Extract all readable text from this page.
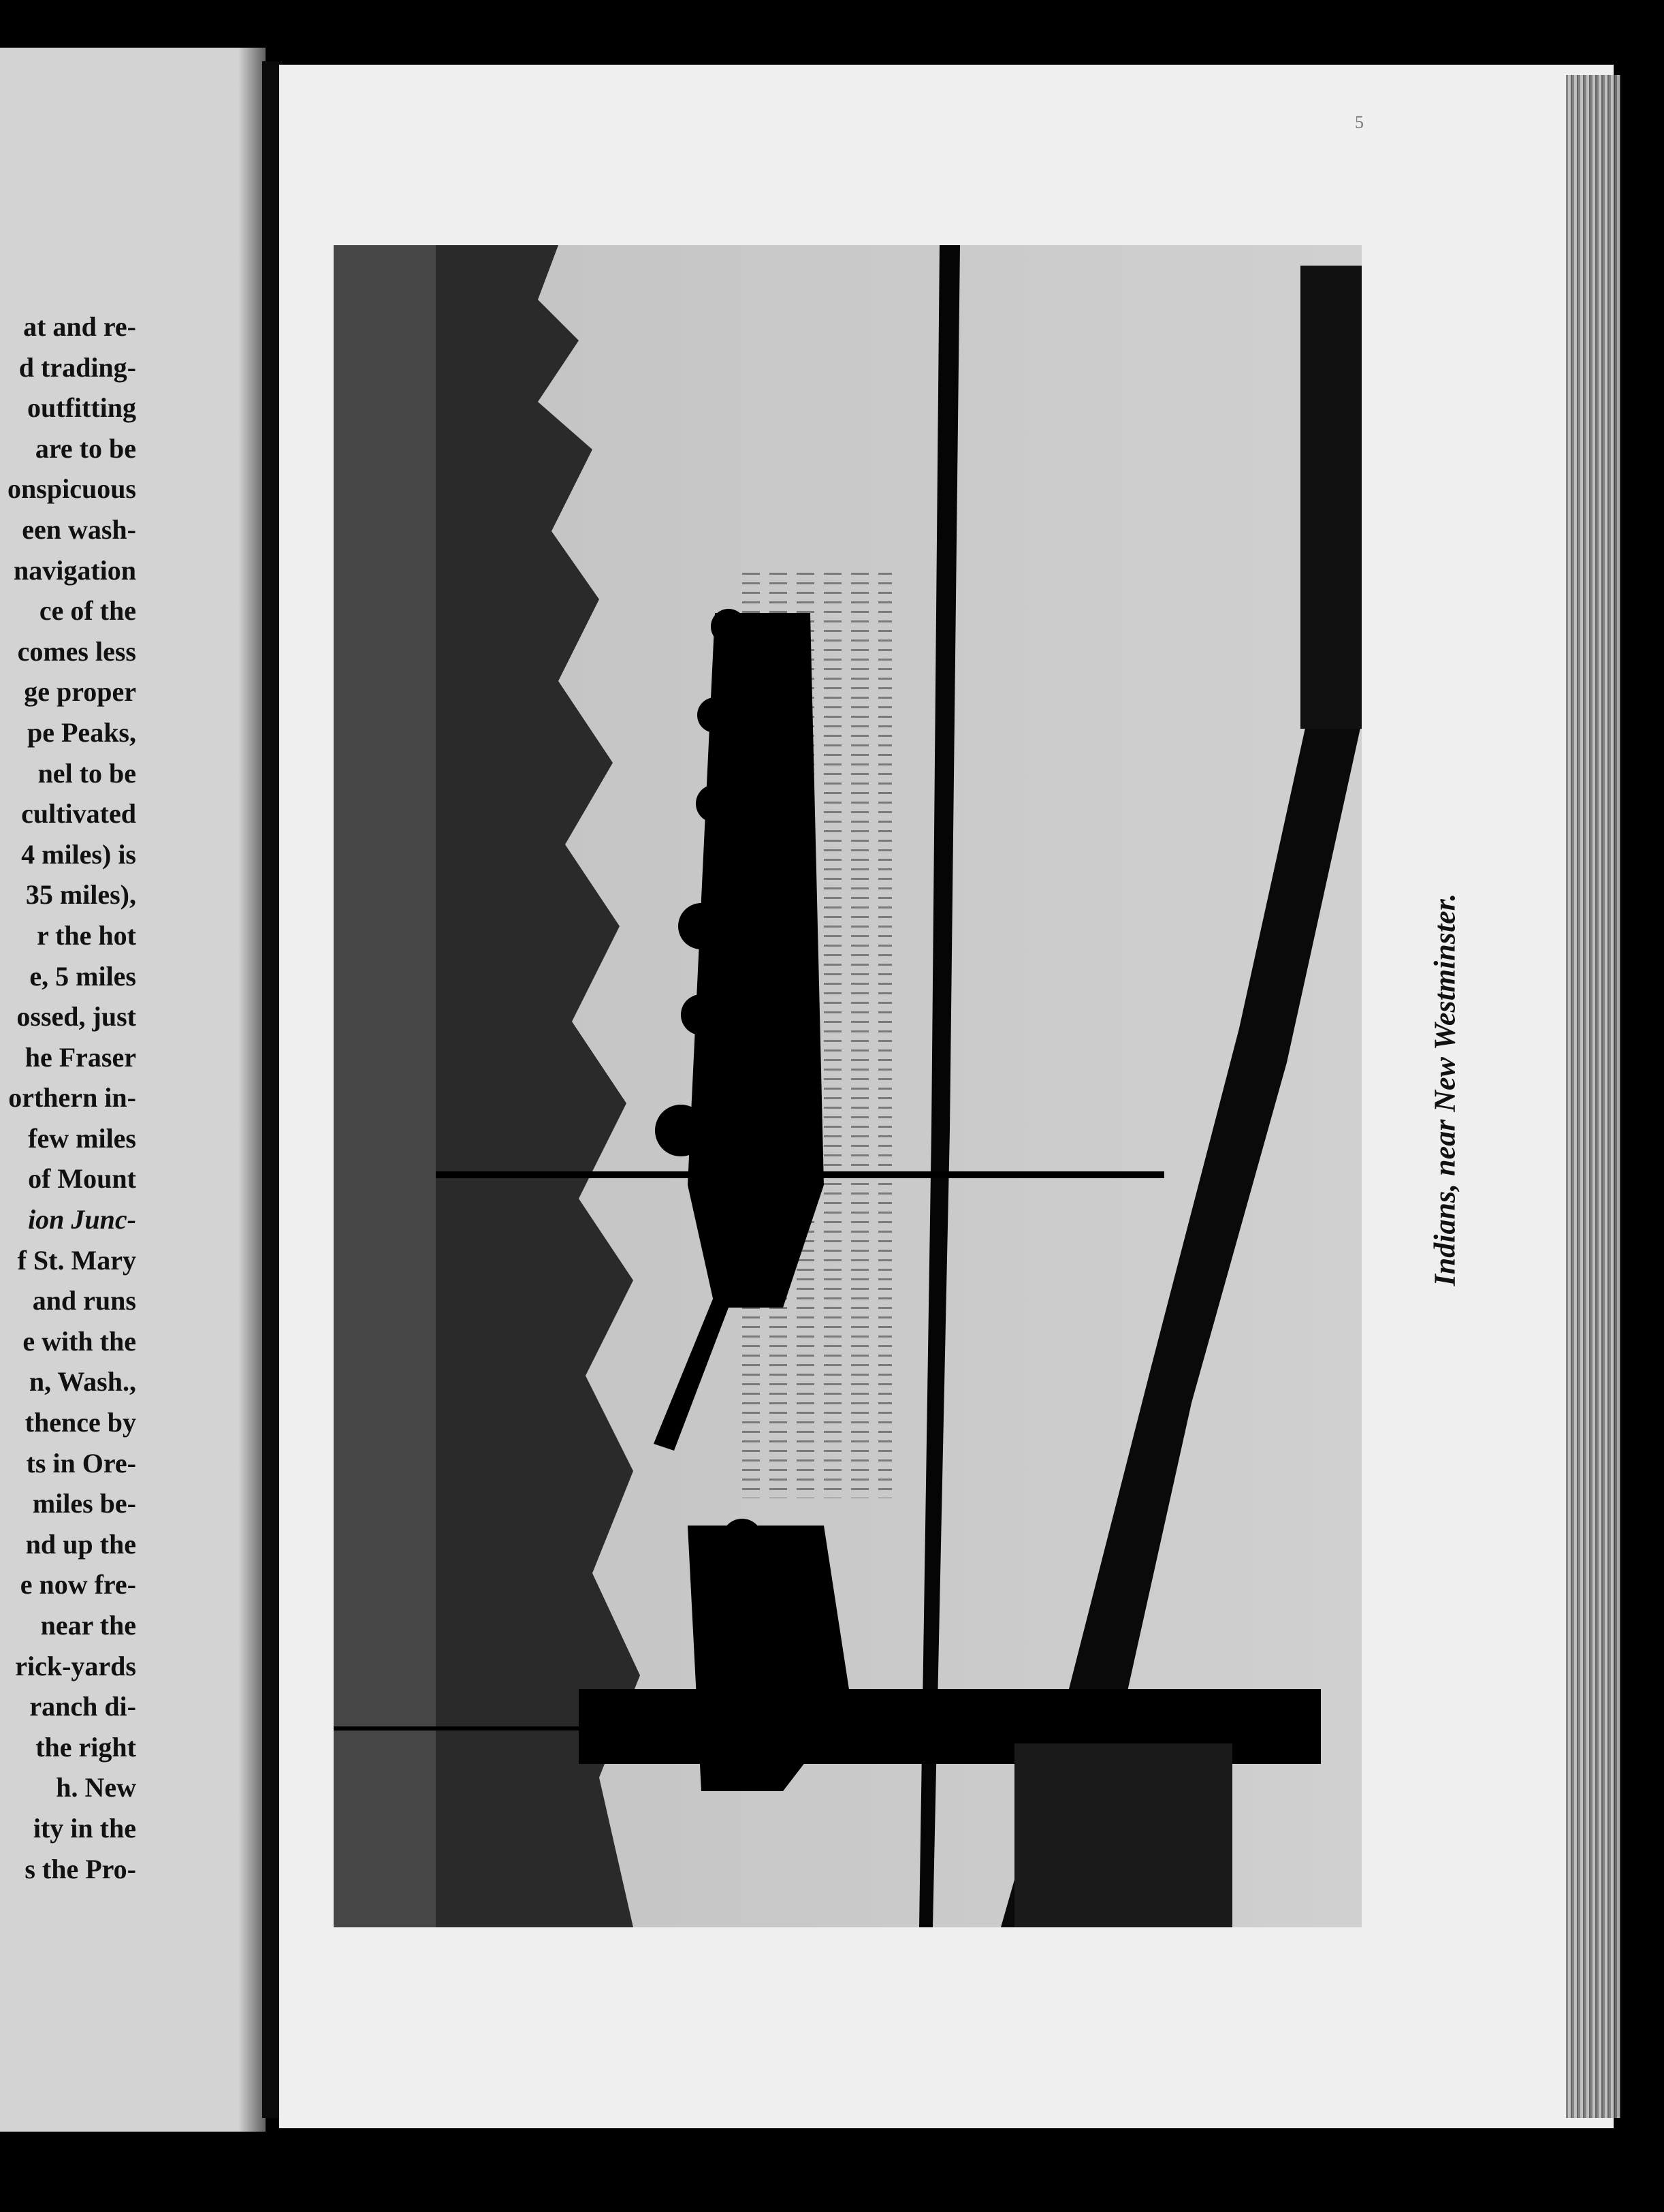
at and re-
d trading-
outfitting
are to be
onspicuous
een wash-
navigation
ce of the
comes less
ge proper
pe Peaks,
nel to be
cultivated
4 miles) is
35 miles),
r the hot
e, 5 miles
ossed, just
he Fraser
orthern in-
few miles
of Mount
ion Junc-
f St. Mary
and runs
e with the
n, Wash.,
thence by
ts in Ore-
miles be-
nd up the
e now fre-
near the
rick-yards
ranch di-
the right
h. New
ity in the
s the Pro-
5
Indians, near New Westminster.
